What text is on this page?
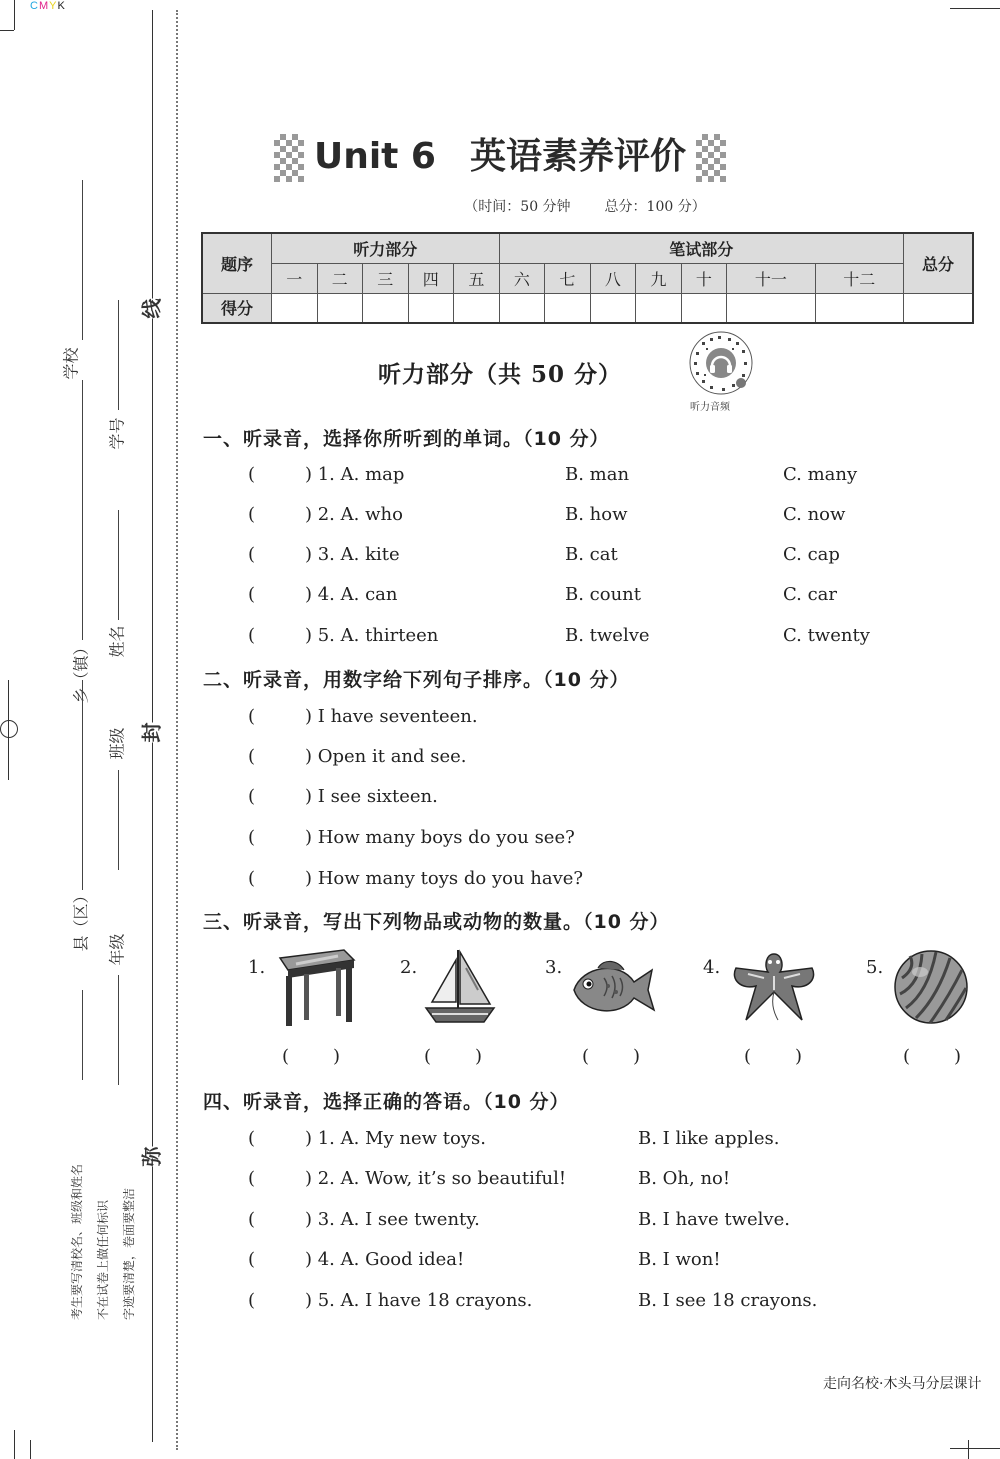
CMYK
学校
学号
乡（镇） 姓名
班级
县（区） 年级
线
封
弥
考生要写清校名、班级和姓名 不在试卷上做任何标识 字迹要清楚，卷面要整洁
Unit 6 英语素养评价
（时间：50 分钟 总分：100 分）
题序	听力部分					笔试部分							总分
	一	二	三	四	五	六	七	八	九	十	十一	十二	
得分													
听力部分（共 50 分）
听力音频
一、听录音，选择你所听到的单词。（10 分）
(	) 1. A. map	B. man	C. many
(	) 2. A. who	B. how	C. now
(	) 3. A. kite	B. cat	C. cap
(	) 4. A. can	B. count	C. car
(	) 5. A. thirteen	B. twelve	C. twenty
二、听录音，用数字给下列句子排序。（10 分）
(	) I have seventeen.
(	) Open it and see.
(	) I see sixteen.
(	) How many boys do you see?
(	) How many toys do you have?
三、听录音，写出下列物品或动物的数量。（10 分）
1.	2.	3.	4.	5.
( )	( )	( )	( )	( )
四、听录音，选择正确的答语。（10 分）
(	) 1. A. My new toys.	B. I like apples.
(	) 2. A. Wow, it’s so beautiful!	B. Oh, no!
(	) 3. A. I see twenty.	B. I have twelve.
(	) 4. A. Good idea!	B. I won!
(	) 5. A. I have 18 crayons.	B. I see 18 crayons.
走向名校·木头马分层课计
